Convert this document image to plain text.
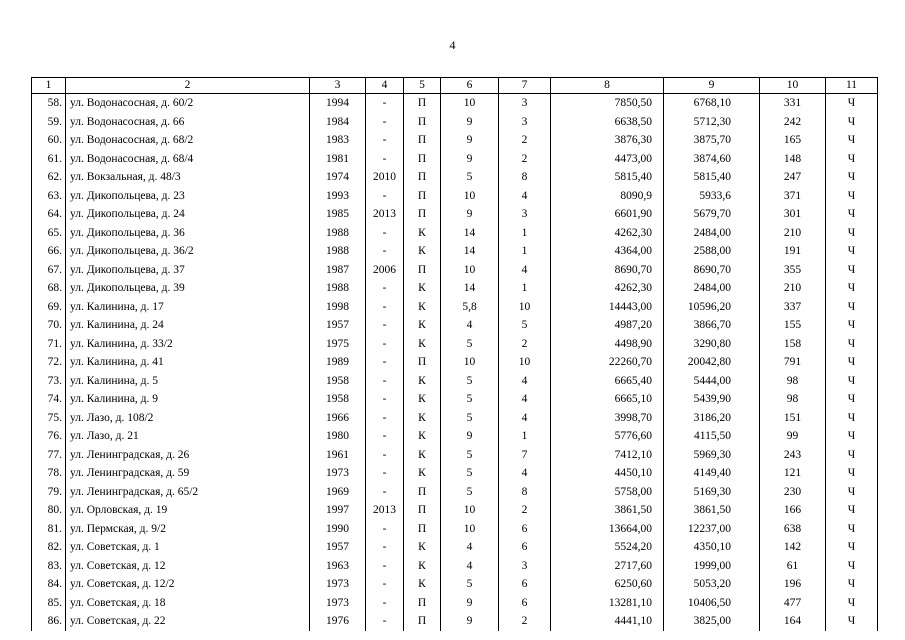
4
1	2	3	4	5	6	7	8	9	10	11
58.	ул. Водонасосная, д. 60/2	1994	-	П	10	3	7850,50	6768,10	331	Ч
59.	ул. Водонасосная, д. 66	1984	-	П	9	3	6638,50	5712,30	242	Ч
60.	ул. Водонасосная, д. 68/2	1983	-	П	9	2	3876,30	3875,70	165	Ч
61.	ул. Водонасосная, д. 68/4	1981	-	П	9	2	4473,00	3874,60	148	Ч
62.	ул. Вокзальная, д. 48/3	1974	2010	П	5	8	5815,40	5815,40	247	Ч
63.	ул. Дикопольцева, д. 23	1993	-	П	10	4	8090,9	5933,6	371	Ч
64.	ул. Дикопольцева, д. 24	1985	2013	П	9	3	6601,90	5679,70	301	Ч
65.	ул. Дикопольцева, д. 36	1988	-	К	14	1	4262,30	2484,00	210	Ч
66.	ул. Дикопольцева, д. 36/2	1988	-	К	14	1	4364,00	2588,00	191	Ч
67.	ул. Дикопольцева, д. 37	1987	2006	П	10	4	8690,70	8690,70	355	Ч
68.	ул. Дикопольцева, д. 39	1988	-	К	14	1	4262,30	2484,00	210	Ч
69.	ул. Калинина, д. 17	1998	-	К	5,8	10	14443,00	10596,20	337	Ч
70.	ул. Калинина, д. 24	1957	-	К	4	5	4987,20	3866,70	155	Ч
71.	ул. Калинина, д. 33/2	1975	-	К	5	2	4498,90	3290,80	158	Ч
72.	ул. Калинина, д. 41	1989	-	П	10	10	22260,70	20042,80	791	Ч
73.	ул. Калинина, д. 5	1958	-	К	5	4	6665,40	5444,00	98	Ч
74.	ул. Калинина, д. 9	1958	-	К	5	4	6665,10	5439,90	98	Ч
75.	ул. Лазо, д. 108/2	1966	-	К	5	4	3998,70	3186,20	151	Ч
76.	ул. Лазо, д. 21	1980	-	К	9	1	5776,60	4115,50	99	Ч
77.	ул. Ленинградская, д. 26	1961	-	К	5	7	7412,10	5969,30	243	Ч
78.	ул. Ленинградская, д. 59	1973	-	К	5	4	4450,10	4149,40	121	Ч
79.	ул. Ленинградская, д. 65/2	1969	-	П	5	8	5758,00	5169,30	230	Ч
80.	ул. Орловская, д. 19	1997	2013	П	10	2	3861,50	3861,50	166	Ч
81.	ул. Пермская, д. 9/2	1990	-	П	10	6	13664,00	12237,00	638	Ч
82.	ул. Советская, д. 1	1957	-	К	4	6	5524,20	4350,10	142	Ч
83.	ул. Советская, д. 12	1963	-	К	4	3	2717,60	1999,00	61	Ч
84.	ул. Советская, д. 12/2	1973	-	К	5	6	6250,60	5053,20	196	Ч
85.	ул. Советская, д. 18	1973	-	П	9	6	13281,10	10406,50	477	Ч
86.	ул. Советская, д. 22	1976	-	П	9	2	4441,10	3825,00	164	Ч
